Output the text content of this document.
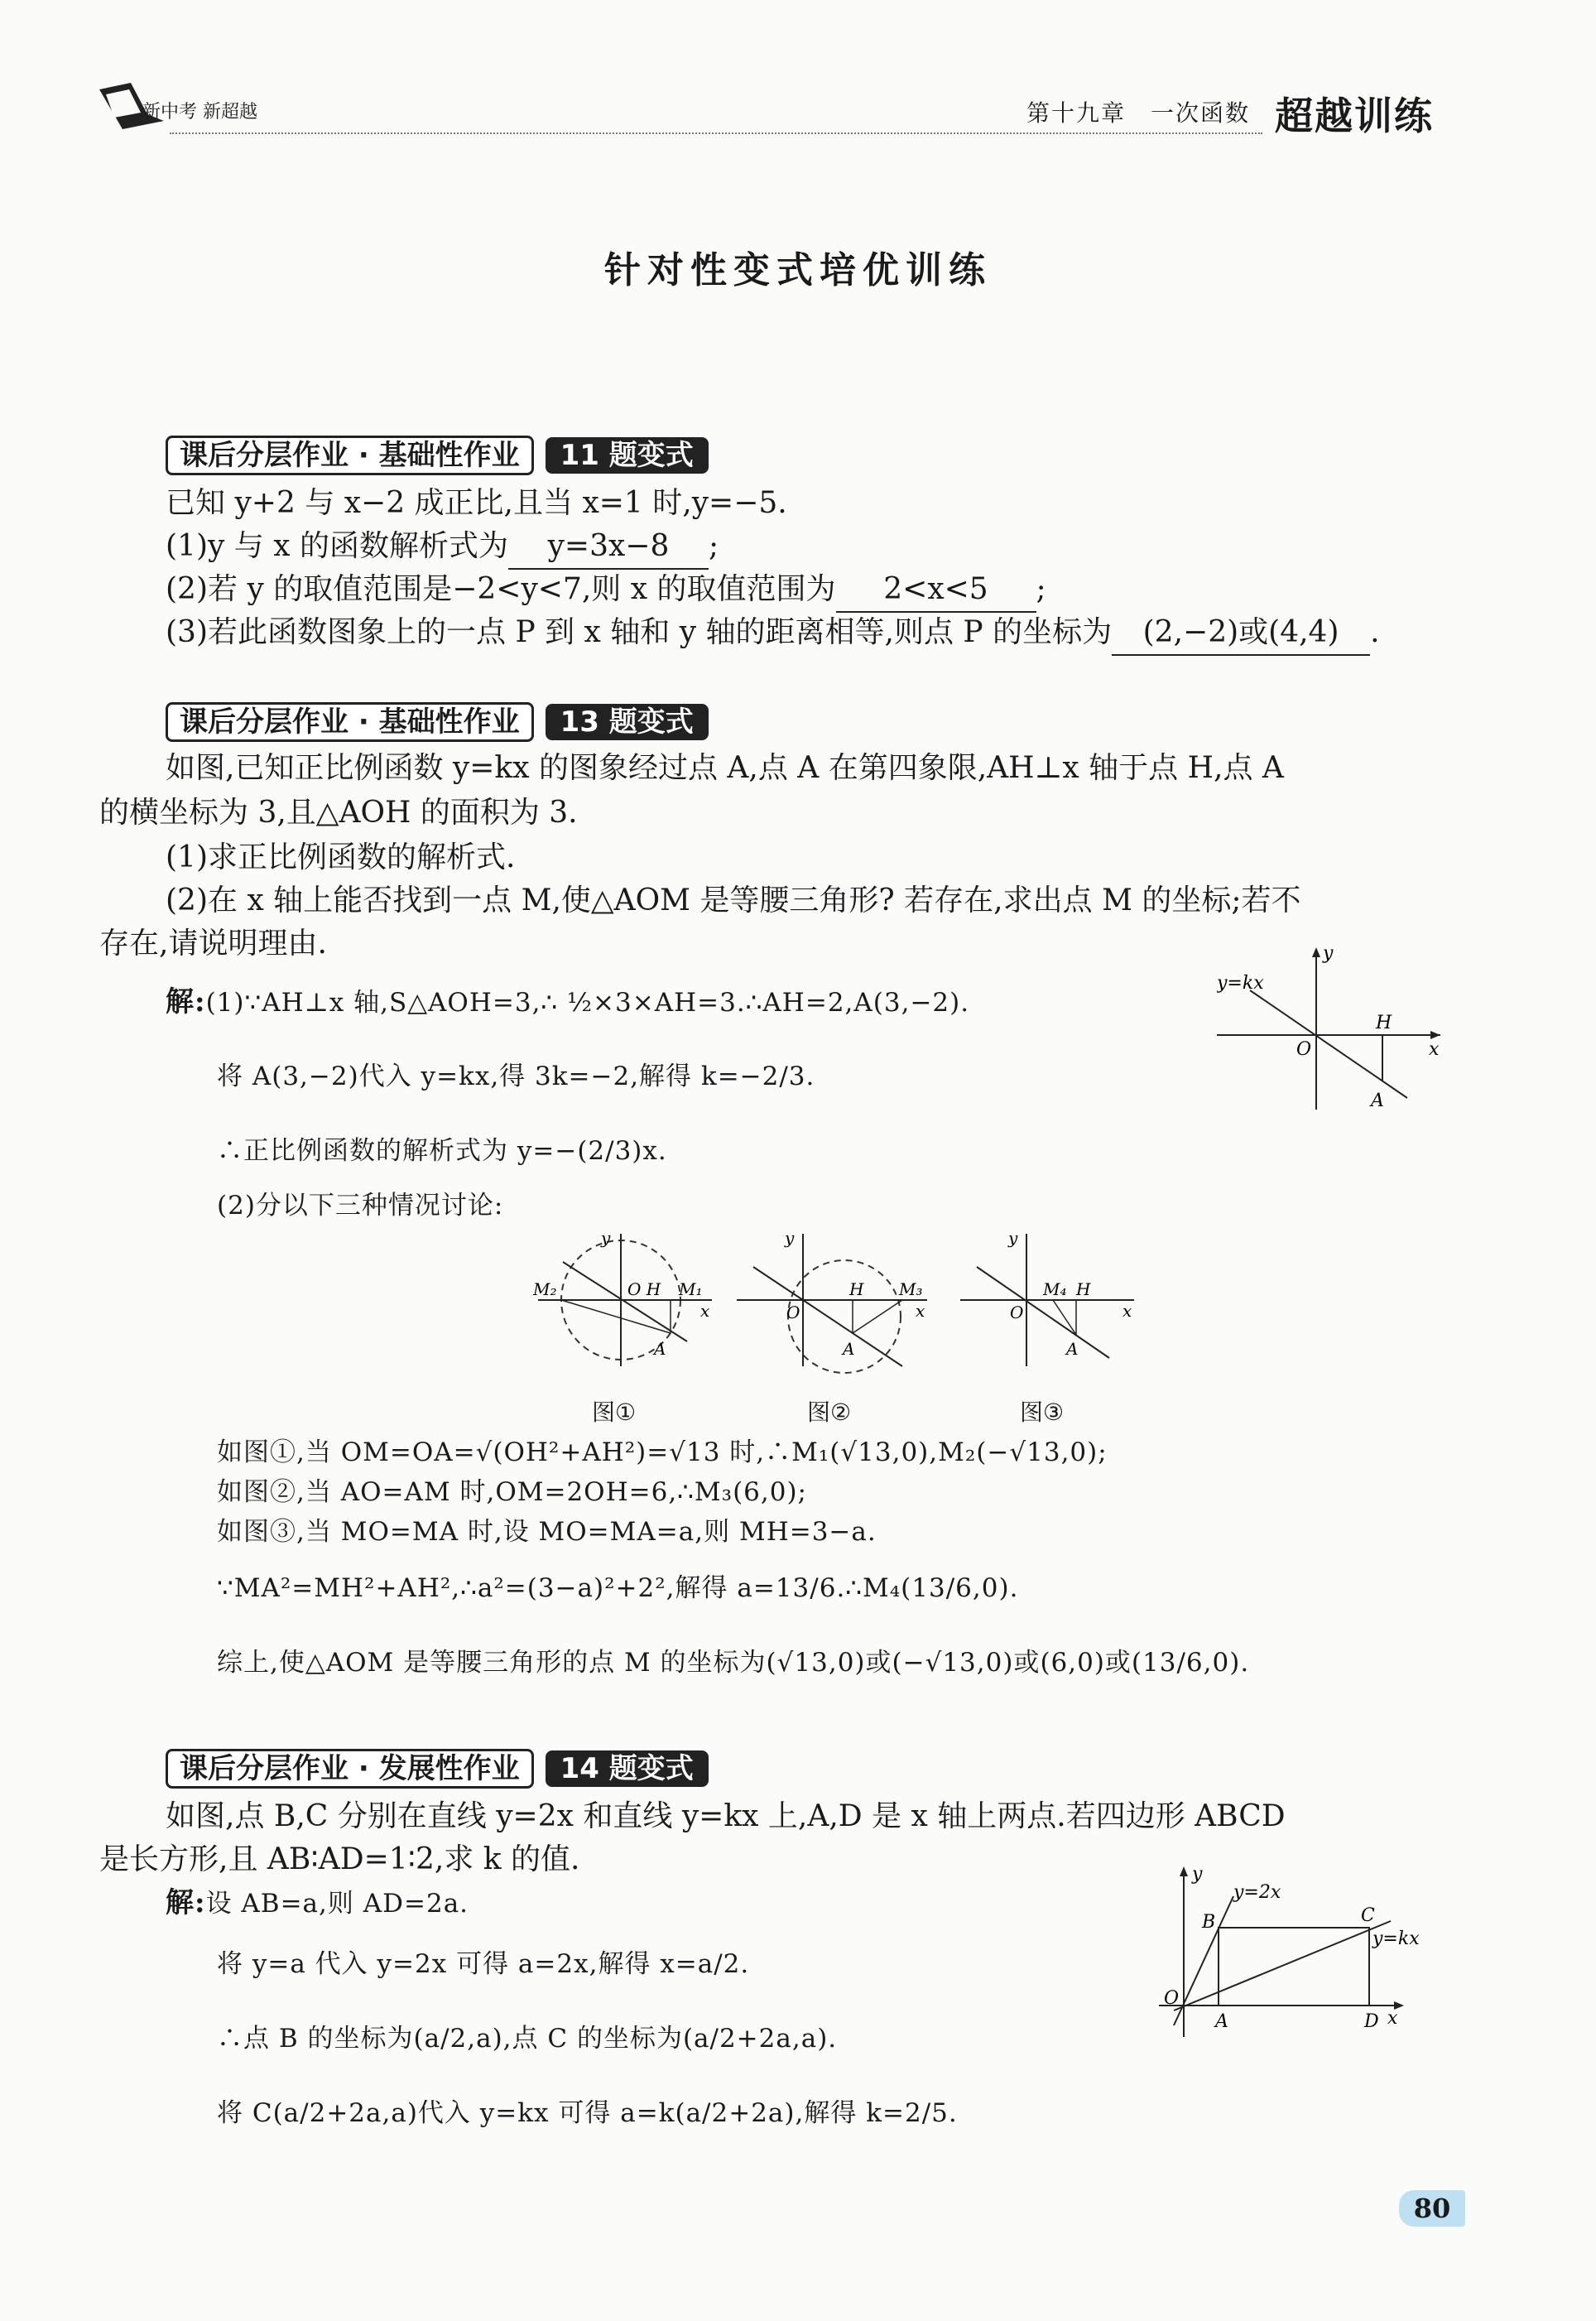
新中考 新超越	第十九章　一次函数 超越训练
针对性变式培优训练
课后分层作业 · 基础性作业	11 题变式
已知 y+2 与 x−2 成正比,且当 x=1 时,y=−5.
(1)y 与 x 的函数解析式为 y=3x−8 ;
(2)若 y 的取值范围是−2<y<7,则 x 的取值范围为 2<x<5 ;
(3)若此函数图象上的一点 P 到 x 轴和 y 轴的距离相等,则点 P 的坐标为 (2,−2)或(4,4) .
课后分层作业 · 基础性作业	13 题变式
如图,已知正比例函数 y=kx 的图象经过点 A,点 A 在第四象限,AH⊥x 轴于点 H,点 A
的横坐标为 3,且△AOH 的面积为 3.
(1)求正比例函数的解析式.
(2)在 x 轴上能否找到一点 M,使△AOM 是等腰三角形? 若存在,求出点 M 的坐标;若不
存在,请说明理由.
y=kx
y
x
O
H
A
解:(1)∵AH⊥x 轴,S△AOH=3,∴ ½×3×AH=3.∴AH=2,A(3,−2).
将 A(3,−2)代入 y=kx,得 3k=−2,解得 k=−2/3.
∴正比例函数的解析式为 y=−(2/3)x.
(2)分以下三种情况讨论:
M₂	O H M₁
x
y
A
O
H M₃
x
y
A
O
M₄ H
x
y
A
图①	图②	图③
如图①,当 OM=OA=√(OH²+AH²)=√13 时,∴M₁(√13,0),M₂(−√13,0);
如图②,当 AO=AM 时,OM=2OH=6,∴M₃(6,0);
如图③,当 MO=MA 时,设 MO=MA=a,则 MH=3−a.
∵MA²=MH²+AH²,∴a²=(3−a)²+2²,解得 a=13/6.∴M₄(13/6,0).
综上,使△AOM 是等腰三角形的点 M 的坐标为(√13,0)或(−√13,0)或(6,0)或(13/6,0).
课后分层作业 · 发展性作业	14 题变式
如图,点 B,C 分别在直线 y=2x 和直线 y=kx 上,A,D 是 x 轴上两点.若四边形 ABCD
是长方形,且 AB∶AD=1∶2,求 k 的值.	y
y=2x
B	C
y=kx
O
A	D x
解:设 AB=a,则 AD=2a.
将 y=a 代入 y=2x 可得 a=2x,解得 x=a/2.
∴点 B 的坐标为(a/2,a),点 C 的坐标为(a/2+2a,a).
将 C(a/2+2a,a)代入 y=kx 可得 a=k(a/2+2a),解得 k=2/5.
80
